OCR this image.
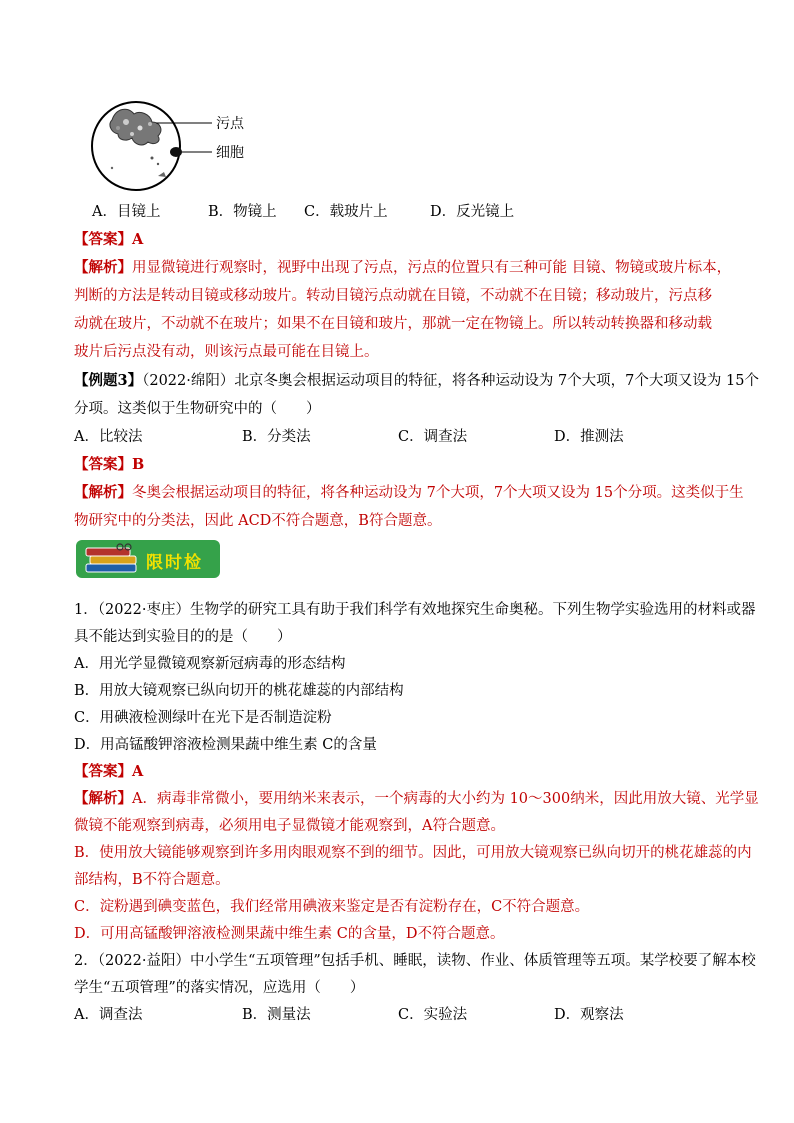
污点
细胞
A．目镜上	B．物镜上	C．载玻片上	D．反光镜上
【答案】A
【解析】用显微镜进行观察时，视野中出现了污点，污点的位置只有三种可能 目镜、物镜或玻片标本，
判断的方法是转动目镜或移动玻片。转动目镜污点动就在目镜，不动就不在目镜；移动玻片，污点移
动就在玻片，不动就不在玻片；如果不在目镜和玻片，那就一定在物镜上。所以转动转换器和移动载
玻片后污点没有动，则该污点最可能在目镜上。
【例题3】（2022·绵阳）北京冬奥会根据运动项目的特征，将各种运动设为 7个大项，7个大项又设为 15个
分项。这类似于生物研究中的（　　）
A．比较法	B．分类法	C．调查法	D．推测法
【答案】B
【解析】冬奥会根据运动项目的特征，将各种运动设为 7个大项，7个大项又设为 15个分项。这类似于生
物研究中的分类法，因此 ACD不符合题意，B符合题意。
限时检
1．（2022·枣庄）生物学的研究工具有助于我们科学有效地探究生命奥秘。下列生物学实验选用的材料或器
具不能达到实验目的的是（　　）
A．用光学显微镜观察新冠病毒的形态结构
B．用放大镜观察已纵向切开的桃花雄蕊的内部结构
C．用碘液检测绿叶在光下是否制造淀粉
D．用高锰酸钾溶液检测果蔬中维生素 C的含量
【答案】A
【解析】A．病毒非常微小，要用纳米来表示，一个病毒的大小约为 10～300纳米，因此用放大镜、光学显
微镜不能观察到病毒，必须用电子显微镜才能观察到，A符合题意。
B．使用放大镜能够观察到许多用肉眼观察不到的细节。因此，可用放大镜观察已纵向切开的桃花雄蕊的内
部结构，B不符合题意。
C．淀粉遇到碘变蓝色，我们经常用碘液来鉴定是否有淀粉存在，C不符合题意。
D．可用高锰酸钾溶液检测果蔬中维生素 C的含量，D不符合题意。
2．（2022·益阳）中小学生“五项管理”包括手机、睡眠，读物、作业、体质管理等五项。某学校要了解本校
学生“五项管理”的落实情况，应选用（　　）
A．调查法	B．测量法	C．实验法	D．观察法
